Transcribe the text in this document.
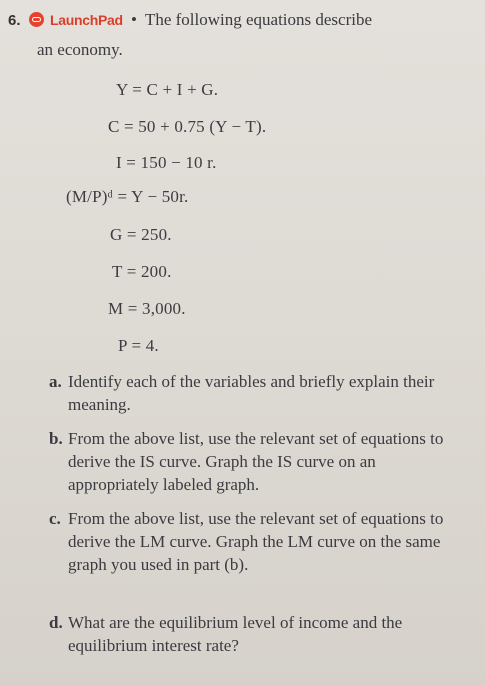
6. LaunchPad • The following equations describe
an economy.
Y = C + I + G.
C = 50 + 0.75 (Y − T).
I = 150 − 10 r.
(M/P)ᵈ = Y − 50r.
G = 250.
T = 200.
M = 3,000.
P = 4.
a. Identify each of the variables and briefly explain their meaning.
b. From the above list, use the relevant set of equations to derive the IS curve. Graph the IS curve on an appropriately labeled graph.
c. From the above list, use the relevant set of equations to derive the LM curve. Graph the LM curve on the same graph you used in part (b).
d. What are the equilibrium level of income and the equilibrium interest rate?
